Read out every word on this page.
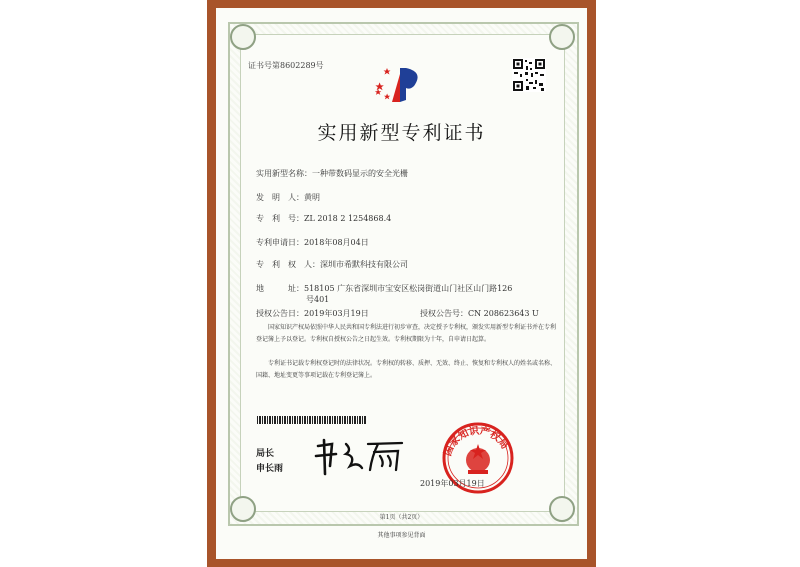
证书号第8602289号
实用新型专利证书
实用新型名称：一种带数码显示的安全光栅
发　明　人：黄明
专　利　号：ZL 2018 2 1254868.4
专利申请日：2018年08月04日
专　利　权　人：深圳市希默科技有限公司
地　　　址：518105 广东省深圳市宝安区松岗街道山门社区山门路126
号401
授权公告日：2019年03月19日	授权公告号：CN 208623643 U
国家知识产权局依照中华人民共和国专利法进行初步审查，决定授予专利权，颁发实用新型专利证书并在专利登记簿上予以登记。专利权自授权公告之日起生效。专利权期限为十年，自申请日起算。
专利证书记载专利权登记时的法律状况。专利权的转移、质押、无效、终止、恢复和专利权人的姓名或名称、国籍、地址变更等事项记载在专利登记簿上。
局长
申长雨
国家知识产权局
2019年03月19日
第1页（共2页）
其他事项参见背面
